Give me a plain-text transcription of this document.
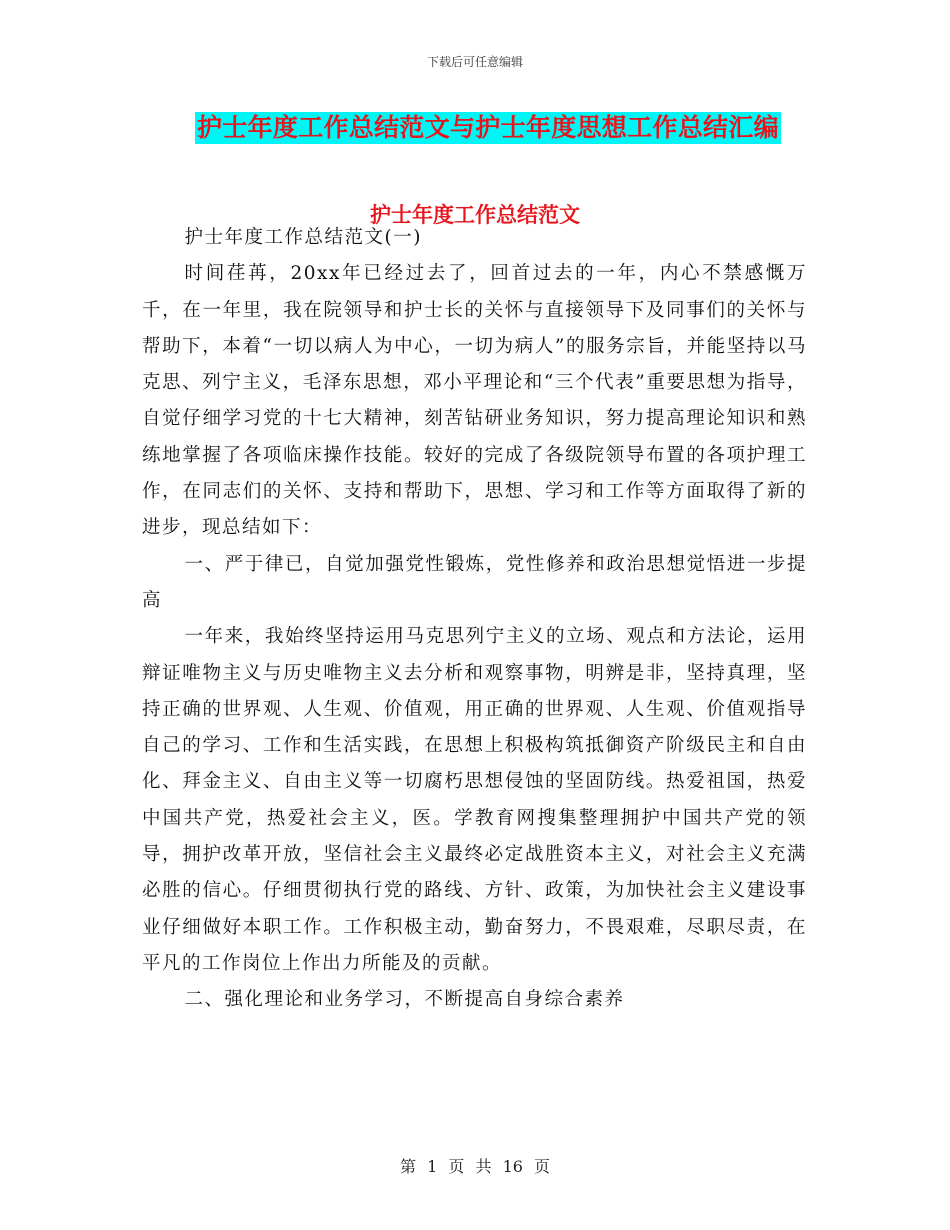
下载后可任意编辑
护士年度工作总结范文与护士年度思想工作总结汇编
护士年度工作总结范文

护士年度工作总结范文(一)

时间荏苒，20xx年已经过去了，回首过去的一年，内心不禁感慨万千，在一年里，我在院领导和护士长的关怀与直接领导下及同事们的关怀与帮助下，本着“一切以病人为中心，一切为病人”的服务宗旨，并能坚持以马克思、列宁主义，毛泽东思想，邓小平理论和“三个代表”重要思想为指导，自觉仔细学习党的十七大精神，刻苦钻研业务知识，努力提高理论知识和熟练地掌握了各项临床操作技能。较好的完成了各级院领导布置的各项护理工作，在同志们的关怀、支持和帮助下，思想、学习和工作等方面取得了新的进步，现总结如下：

一、严于律已，自觉加强党性锻炼，党性修养和政治思想觉悟进一步提高

一年来，我始终坚持运用马克思列宁主义的立场、观点和方法论，运用辩证唯物主义与历史唯物主义去分析和观察事物，明辨是非，坚持真理，坚持正确的世界观、人生观、价值观，用正确的世界观、人生观、价值观指导自己的学习、工作和生活实践，在思想上积极构筑抵御资产阶级民主和自由化、拜金主义、自由主义等一切腐朽思想侵蚀的坚固防线。热爱祖国，热爱中国共产党，热爱社会主义，医。学教育网搜集整理拥护中国共产党的领导，拥护改革开放，坚信社会主义最终必定战胜资本主义，对社会主义充满必胜的信心。仔细贯彻执行党的路线、方针、政策，为加快社会主义建设事业仔细做好本职工作。工作积极主动，勤奋努力，不畏艰难，尽职尽责，在平凡的工作岗位上作出力所能及的贡献。

二、强化理论和业务学习，不断提高自身综合素养

第 1 页 共 16 页
